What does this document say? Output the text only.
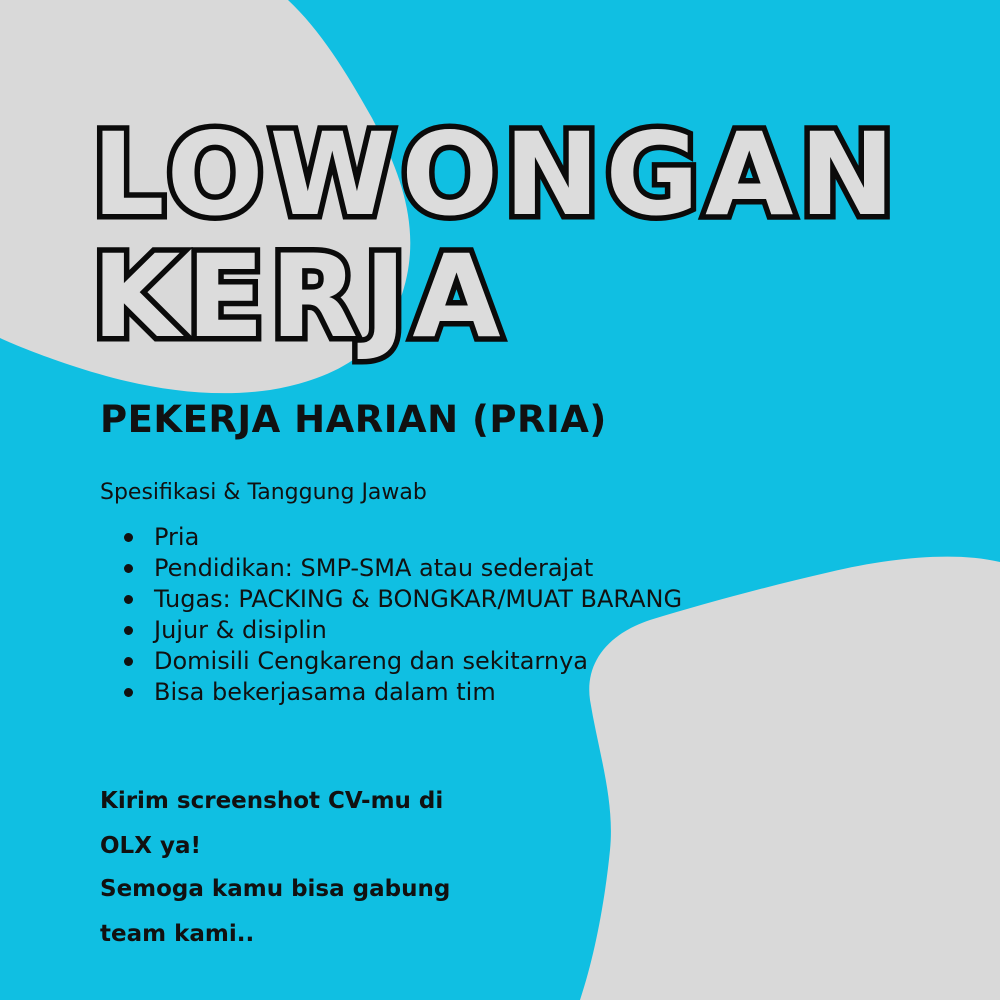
LOWONGAN
KERJA
PEKERJA HARIAN (PRIA)

Spesifikasi & Tanggung Jawab

Pria
Pendidikan: SMP-SMA atau sederajat
Tugas: PACKING & BONGKAR/MUAT BARANG
Jujur & disiplin
Domisili Cengkareng dan sekitarnya
Bisa bekerjasama dalam tim

Kirim screenshot CV-mu di

OLX ya!

Semoga kamu bisa gabung

team kami..
